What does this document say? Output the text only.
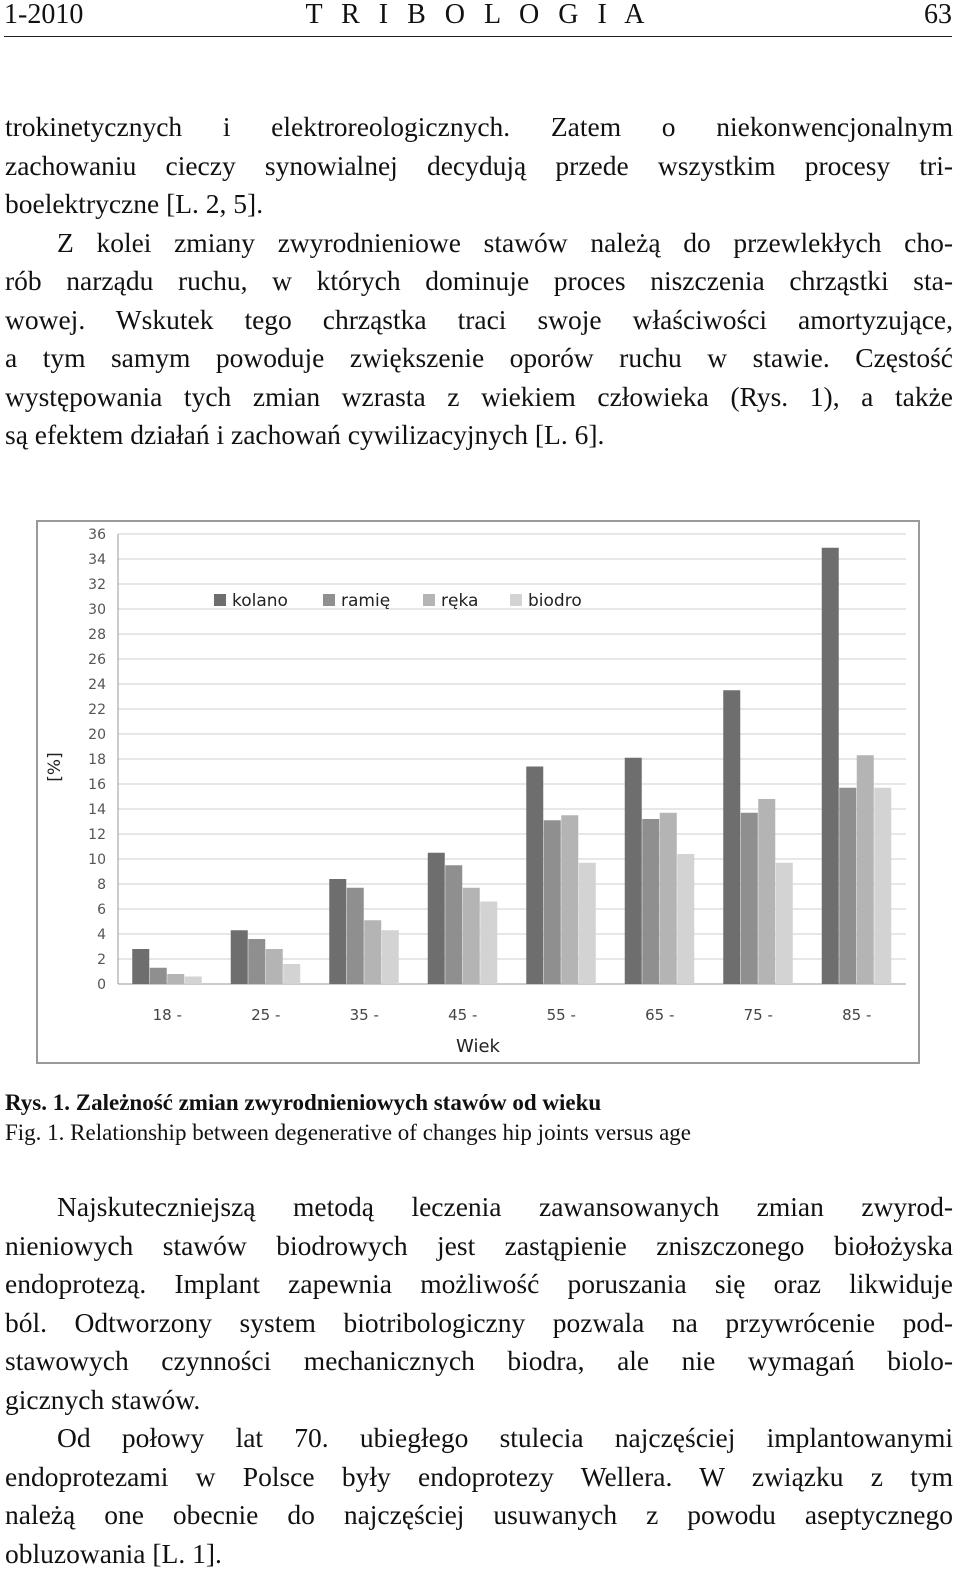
1-2010	T R I B O L O G I A	63
trokinetycznych i elektroreologicznych. Zatem o niekonwencjonalnym
zachowaniu cieczy synowialnej decydują przede wszystkim procesy tri-
boelektryczne [L. 2, 5].
Z kolei zmiany zwyrodnieniowe stawów należą do przewlekłych cho-
rób narządu ruchu, w których dominuje proces niszczenia chrząstki sta-
wowej. Wskutek tego chrząstka traci swoje właściwości amortyzujące,
a tym samym powoduje zwiększenie oporów ruchu w stawie. Częstość
występowania tych zmian wzrasta z wiekiem człowieka (Rys. 1), a także
są efektem działań i zachowań cywilizacyjnych [L. 6].
0
2
4
6
8
10
12
14
16
18
20
22
24
26
28
30
32
34
36
[%]
18 -	25 -	35 -	45 -	55 -	65 -	75 -	85 -
Wiek
kolano	ramię	ręka	biodro
Rys. 1. Zależność zmian zwyrodnieniowych stawów od wieku
Fig. 1. Relationship between degenerative of changes hip joints versus age
Najskuteczniejszą metodą leczenia zawansowanych zmian zwyrod-
nieniowych stawów biodrowych jest zastąpienie zniszczonego biołożyska
endoprotezą. Implant zapewnia możliwość poruszania się oraz likwiduje
ból. Odtworzony system biotribologiczny pozwala na przywrócenie pod-
stawowych czynności mechanicznych biodra, ale nie wymagań biolo-
gicznych stawów.
Od połowy lat 70. ubiegłego stulecia najczęściej implantowanymi
endoprotezami w Polsce były endoprotezy Wellera. W związku z tym
należą one obecnie do najczęściej usuwanych z powodu aseptycznego
obluzowania [L. 1].
